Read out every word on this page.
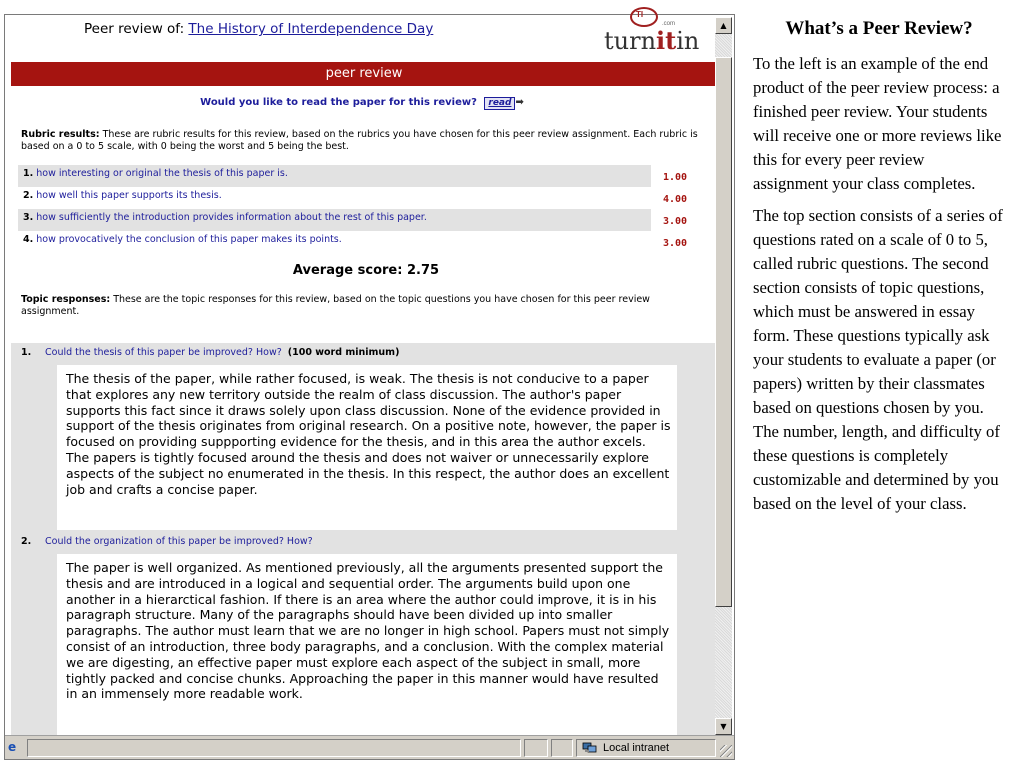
Peer review of: The History of Interdependence Day
TI
.com
turnitin
peer review
Would you like to read the paper for this review? read ➡
Rubric results: These are rubric results for this review, based on the rubrics you have chosen for this peer review assignment. Each rubric is based on a 0 to 5 scale, with 0 being the worst and 5 being the best.
1. how interesting or original the thesis of this paper is.	1.00
2. how well this paper supports its thesis.	4.00
3. how sufficiently the introduction provides information about the rest of this paper.	3.00
4. how provocatively the conclusion of this paper makes its points.	3.00
Average score: 2.75
Topic responses: These are the topic responses for this review, based on the topic questions you have chosen for this peer review assignment.
1. Could the thesis of this paper be improved? How? (100 word minimum)
The thesis of the paper, while rather focused, is weak. The thesis is not conducive to a paper that explores any new territory outside the realm of class discussion. The author's paper supports this fact since it draws solely upon class discussion. None of the evidence provided in support of the thesis originates from original research. On a positive note, however, the paper is focused on providing suppporting evidence for the thesis, and in this area the author excels. The papers is tightly focused around the thesis and does not waiver or unnecessarily explore aspects of the subject no enumerated in the thesis. In this respect, the author does an excellent job and crafts a concise paper.
2. Could the organization of this paper be improved? How?
The paper is well organized. As mentioned previously, all the arguments presented support the thesis and are introduced in a logical and sequential order. The arguments build upon one another in a hierarctical fashion. If there is an area where the author could improve, it is in his paragraph structure. Many of the paragraphs should have been divided up into smaller paragraphs. The author must learn that we are no longer in high school. Papers must not simply consist of an introduction, three body paragraphs, and a conclusion. With the complex material we are digesting, an effective paper must explore each aspect of the subject in small, more tightly packed and concise chunks. Approaching the paper in this manner would have resulted in an immensely more readable work.
▲
▼
e	Local intranet
What’s a Peer Review?

To the left is an example of the end product of the peer review process: a finished peer review. Your students will receive one or more reviews like this for every peer review assignment your class completes.

The top section consists of a series of questions rated on a scale of 0 to 5, called rubric questions. The second section consists of topic questions, which must be answered in essay form. These questions typically ask your students to evaluate a paper (or papers) written by their classmates based on questions chosen by you. The number, length, and difficulty of these questions is completely customizable and determined by you based on the level of your class.
